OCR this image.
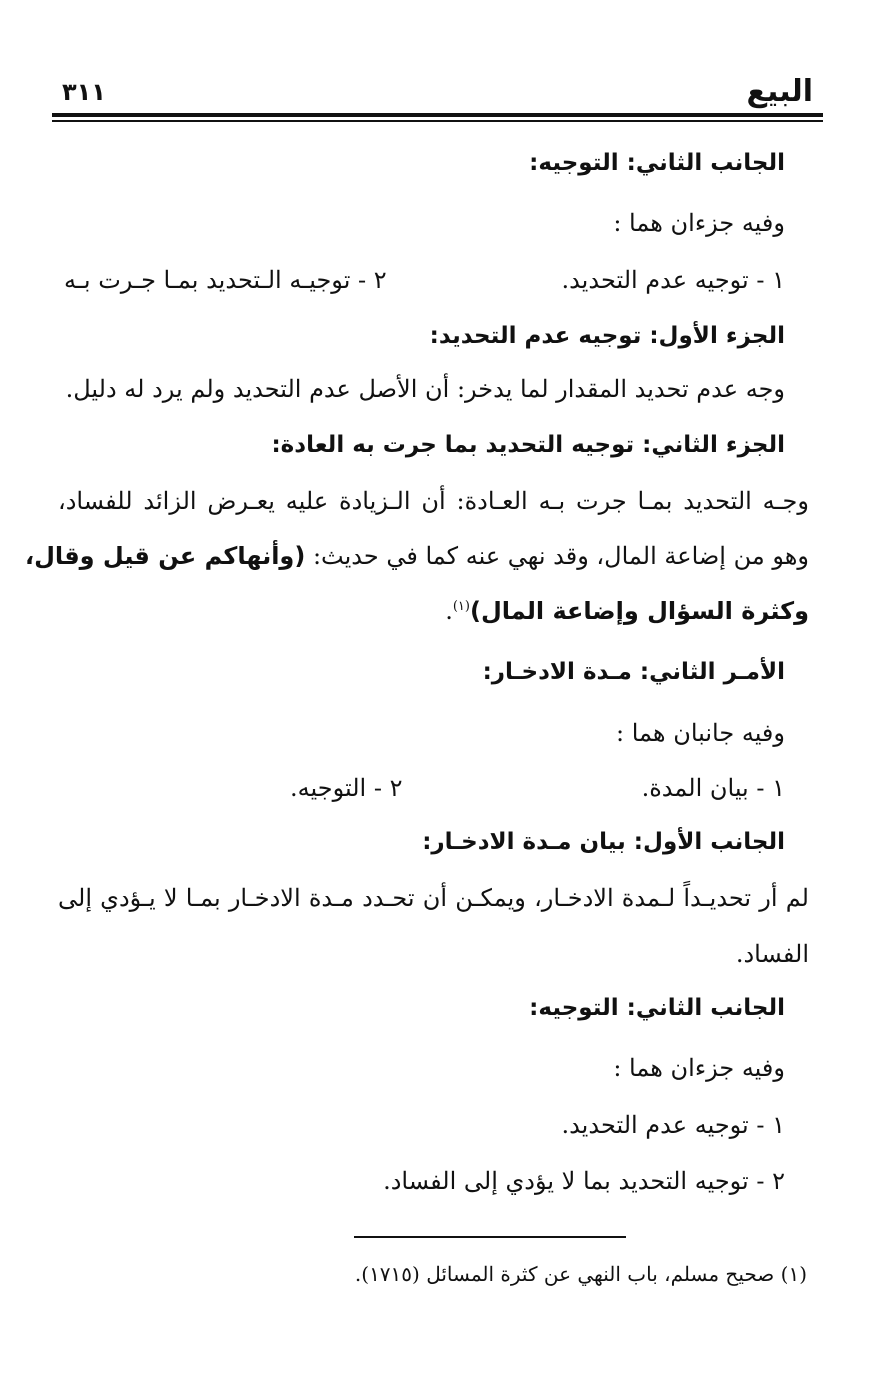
البيع
٣١١
الجانب الثاني: التوجيه:
وفيه جزءان هما :
١ - توجيه عدم التحديد.
٢ - توجيـه الـتحديد بمـا جـرت بـه
الجزء الأول: توجيه عدم التحديد:
وجه عدم تحديد المقدار لما يدخر: أن الأصل عدم التحديد ولم يرد له دليل.
الجزء الثاني: توجيه التحديد بما جرت به العادة:
وجـه التحديد بمـا جرت بـه العـادة: أن الـزيادة عليه يعـرض الزائد للفساد،
وهو من إضاعة المال، وقد نهي عنه كما في حديث: (وأنهاكم عن قيل وقال،
وكثرة السؤال وإضاعة المال)$^{(١)}$.
الأمـر الثاني: مـدة الادخـار:
وفيه جانبان هما :
١ - بيان المدة.
٢ - التوجيه.
الجانب الأول: بيان مـدة الادخـار:
لم أر تحديـداً لـمدة الادخـار، ويمكـن أن تحـدد مـدة الادخـار بمـا لا يـؤدي إلى
الفساد.
الجانب الثاني: التوجيه:
وفيه جزءان هما :
١ - توجيه عدم التحديد.
٢ - توجيه التحديد بما لا يؤدي إلى الفساد.
(١) صحيح مسلم، باب النهي عن كثرة المسائل (١٧١٥).
